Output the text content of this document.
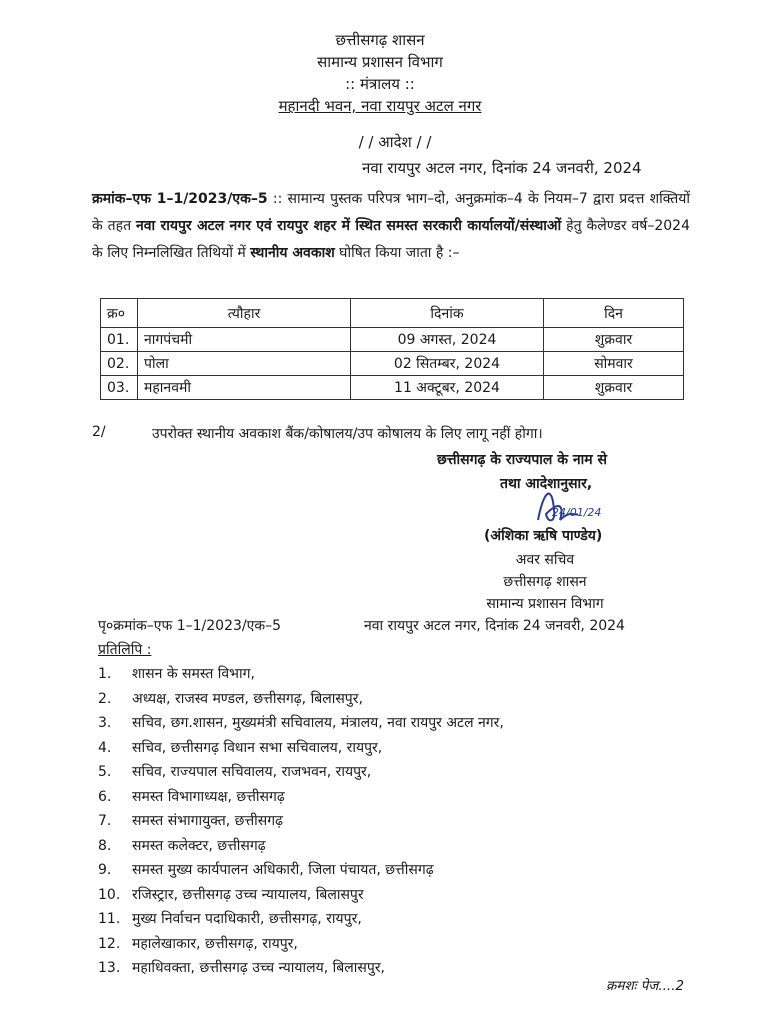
छत्तीसगढ़ शासन
सामान्य प्रशासन विभाग
:: मंत्रालय ::
महानदी भवन, नवा रायपुर अटल नगर
/ / आदेश / /
नवा रायपुर अटल नगर, दिनांक 24 जनवरी, 2024
क्रमांक–एफ 1–1/2023/एक–5 :: सामान्य पुस्तक परिपत्र भाग–दो, अनुक्रमांक–4 के नियम–7 द्वारा प्रदत्त शक्तियों के तहत नवा रायपुर अटल नगर एवं रायपुर शहर में स्थित समस्त सरकारी कार्यालयों/संस्थाओं हेतु कैलेण्डर वर्ष–2024 के लिए निम्नलिखित तिथियों में स्थानीय अवकाश घोषित किया जाता है :–
क्र०	त्यौहार	दिनांक	दिन
01.	नागपंचमी	09 अगस्त, 2024	शुक्रवार
02.	पोला	02 सितम्बर, 2024	सोमवार
03.	महानवमी	11 अक्टूबर, 2024	शुक्रवार
2/	उपरोक्त स्थानीय अवकाश बैंक/कोषालय/उप कोषालय के लिए लागू नहीं होगा।
छत्तीसगढ़ के राज्यपाल के नाम से
तथा आदेशानुसार,
24/01/24
(अंशिका ऋषि पाण्डेय)
अवर सचिव
छत्तीसगढ़ शासन
सामान्य प्रशासन विभाग
पृ०क्रमांक–एफ 1–1/2023/एक–5	नवा रायपुर अटल नगर, दिनांक 24 जनवरी, 2024
प्रतिलिपि :
1. शासन के समस्त विभाग,
2. अध्यक्ष, राजस्व मण्डल, छत्तीसगढ़, बिलासपुर,
3. सचिव, छग.शासन, मुख्यमंत्री सचिवालय, मंत्रालय, नवा रायपुर अटल नगर,
4. सचिव, छत्तीसगढ़ विधान सभा सचिवालय, रायपुर,
5. सचिव, राज्यपाल सचिवालय, राजभवन, रायपुर,
6. समस्त विभागाध्यक्ष, छत्तीसगढ़
7. समस्त संभागायुक्त, छत्तीसगढ़
8. समस्त कलेक्टर, छत्तीसगढ़
9. समस्त मुख्य कार्यपालन अधिकारी, जिला पंचायत, छत्तीसगढ़
10. रजिस्ट्रार, छत्तीसगढ़ उच्च न्यायालय, बिलासपुर
11. मुख्य निर्वाचन पदाधिकारी, छत्तीसगढ़, रायपुर,
12. महालेखाकार, छत्तीसगढ़, रायपुर,
13. महाधिवक्ता, छत्तीसगढ़ उच्च न्यायालय, बिलासपुर,
क्रमशः पेज....2
